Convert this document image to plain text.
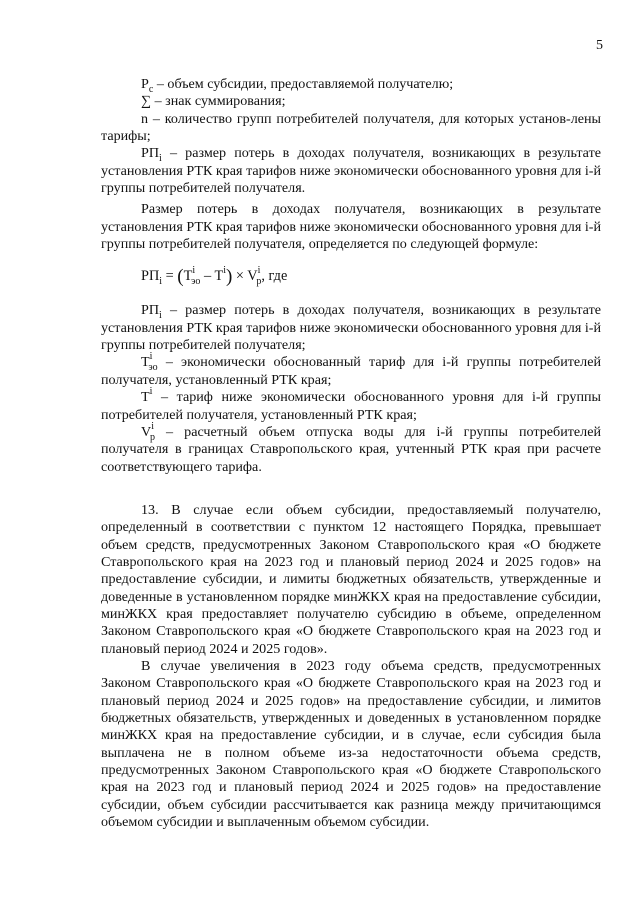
5

$Р_с$ – объем субсидии, предоставляемой получателю;

∑ – знак суммирования;

n – количество групп потребителей получателя, для которых установ-лены тарифы;

$РП_i$ – размер потерь в доходах получателя, возникающих в результате установления РТК края тарифов ниже экономически обоснованного уровня для i-й группы потребителей получателя.

Размер потерь в доходах получателя, возникающих в результате установления РТК края тарифов ниже экономически обоснованного уровня для i-й группы потребителей получателя, определяется по следующей формуле:

$РП_i = (T^i_{эо} - T^i) \times V^i_р$, где

$РП_i$ – размер потерь в доходах получателя, возникающих в результате установления РТК края тарифов ниже экономически обоснованного уровня для i-й группы потребителей получателя;

$T^i_{эо}$ – экономически обоснованный тариф для i-й группы потребителей получателя, установленный РТК края;

$T^i$ – тариф ниже экономически обоснованного уровня для i-й группы потребителей получателя, установленный РТК края;

$V^i_р$ – расчетный объем отпуска воды для i-й группы потребителей получателя в границах Ставропольского края, учтенный РТК края при расчете соответствующего тарифа.

13. В случае если объем субсидии, предоставляемый получателю, определенный в соответствии с пунктом 12 настоящего Порядка, превышает объем средств, предусмотренных Законом Ставропольского края «О бюджете Ставропольского края на 2023 год и плановый период 2024 и 2025 годов» на предоставление субсидии, и лимиты бюджетных обязательств, утвержденные и доведенные в установленном порядке минЖКХ края на предоставление субсидии, минЖКХ края предоставляет получателю субсидию в объеме, определенном Законом Ставропольского края «О бюджете Ставропольского края на 2023 год и плановый период 2024 и 2025 годов».

В случае увеличения в 2023 году объема средств, предусмотренных Законом Ставропольского края «О бюджете Ставропольского края на 2023 год и плановый период 2024 и 2025 годов» на предоставление субсидии, и лимитов бюджетных обязательств, утвержденных и доведенных в установленном порядке минЖКХ края на предоставление субсидии, и в случае, если субсидия была выплачена не в полном объеме из-за недостаточности объема средств, предусмотренных Законом Ставропольского края «О бюджете Ставропольского края на 2023 год и плановый период 2024 и 2025 годов» на предоставление субсидии, объем субсидии рассчитывается как разница между причитающимся объемом субсидии и выплаченным объемом субсидии.
